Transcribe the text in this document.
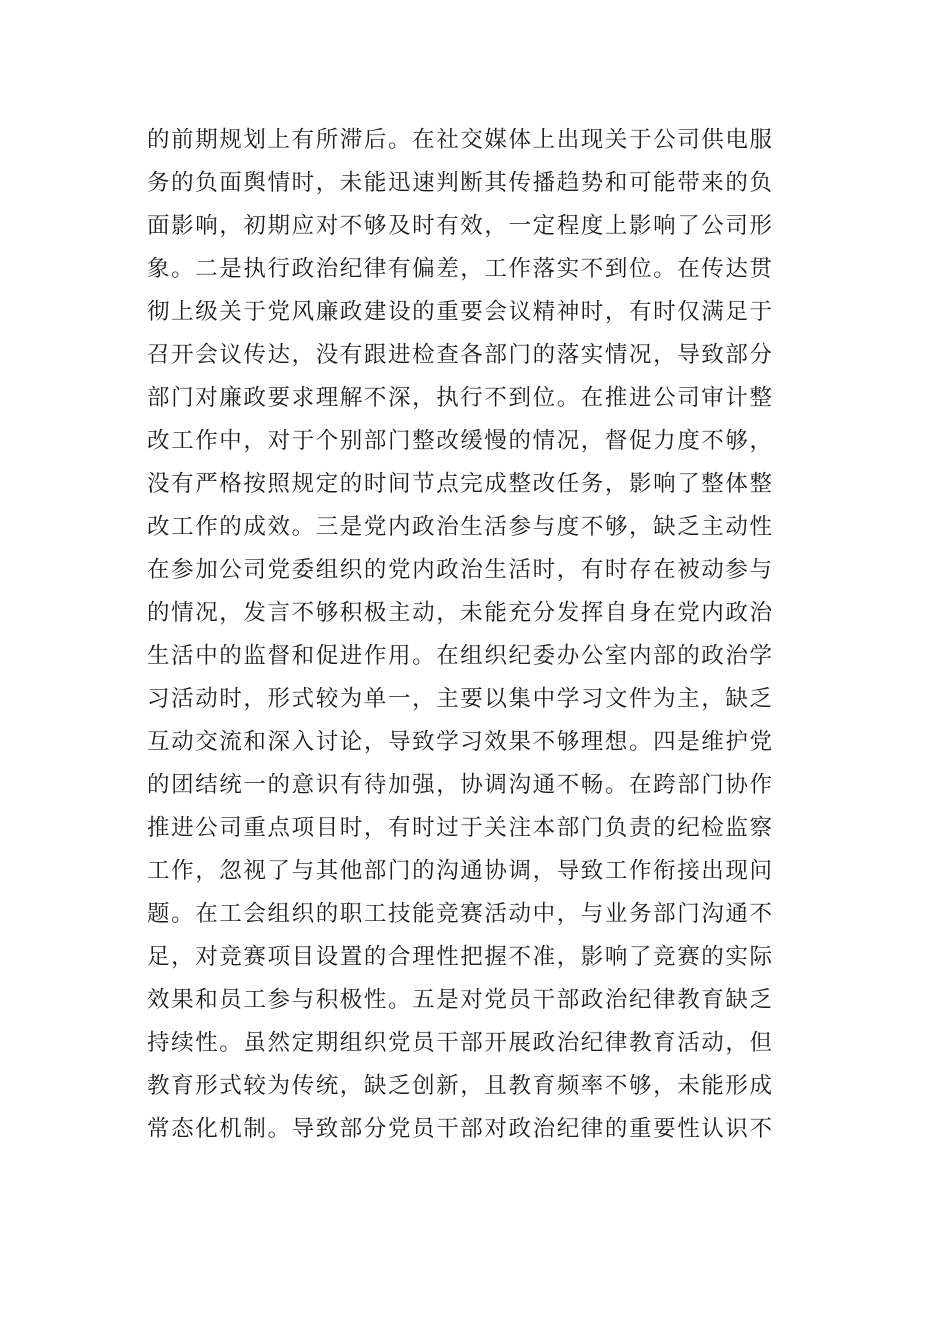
的前期规划上有所滞后。在社交媒体上出现关于公司供电服
务的负面舆情时，未能迅速判断其传播趋势和可能带来的负
面影响，初期应对不够及时有效，一定程度上影响了公司形
象。二是执行政治纪律有偏差，工作落实不到位。在传达贯
彻上级关于党风廉政建设的重要会议精神时，有时仅满足于
召开会议传达，没有跟进检查各部门的落实情况，导致部分
部门对廉政要求理解不深，执行不到位。在推进公司审计整
改工作中，对于个别部门整改缓慢的情况，督促力度不够，
没有严格按照规定的时间节点完成整改任务，影响了整体整
改工作的成效。三是党内政治生活参与度不够，缺乏主动性
在参加公司党委组织的党内政治生活时，有时存在被动参与
的情况，发言不够积极主动，未能充分发挥自身在党内政治
生活中的监督和促进作用。在组织纪委办公室内部的政治学
习活动时，形式较为单一，主要以集中学习文件为主，缺乏
互动交流和深入讨论，导致学习效果不够理想。四是维护党
的团结统一的意识有待加强，协调沟通不畅。在跨部门协作
推进公司重点项目时，有时过于关注本部门负责的纪检监察
工作，忽视了与其他部门的沟通协调，导致工作衔接出现问
题。在工会组织的职工技能竞赛活动中，与业务部门沟通不
足，对竞赛项目设置的合理性把握不准，影响了竞赛的实际
效果和员工参与积极性。五是对党员干部政治纪律教育缺乏
持续性。虽然定期组织党员干部开展政治纪律教育活动，但
教育形式较为传统，缺乏创新，且教育频率不够，未能形成
常态化机制。导致部分党员干部对政治纪律的重要性认识不
